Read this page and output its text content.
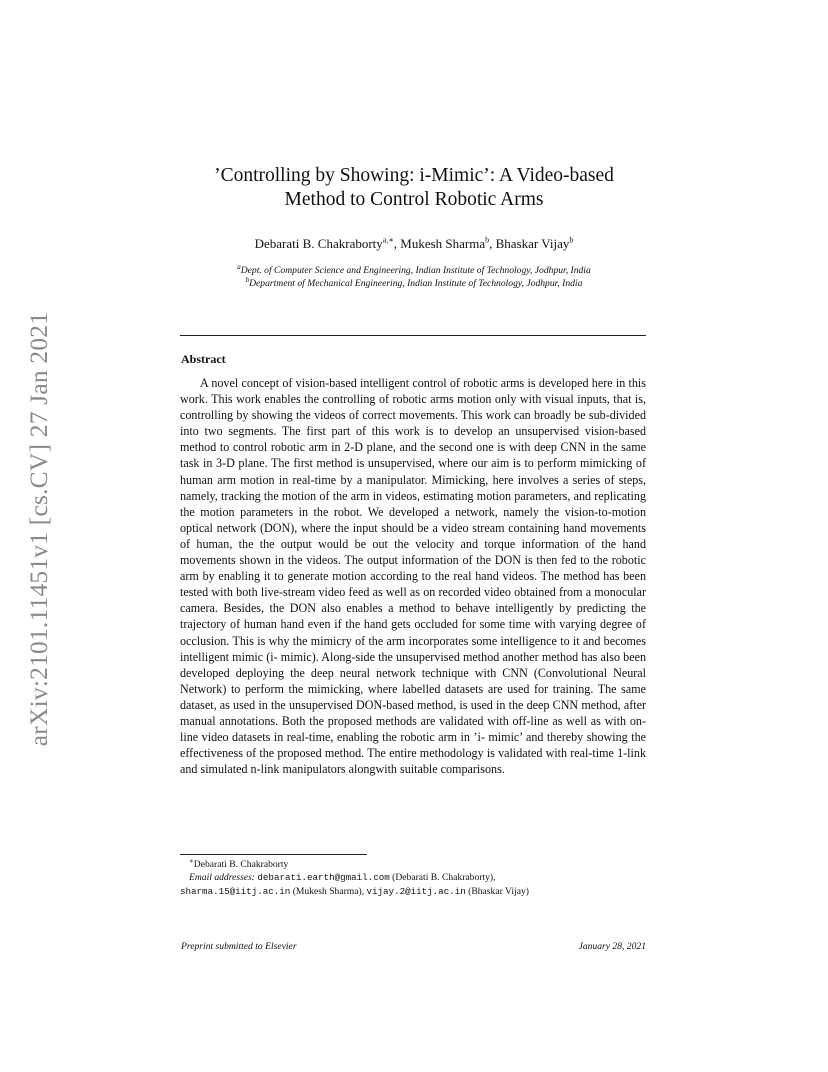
arXiv:2101.11451v1 [cs.CV] 27 Jan 2021
’Controlling by Showing: i-Mimic’: A Video-based
Method to Control Robotic Arms
Debarati B. Chakraborty$^{a,∗}$, Mukesh Sharma$^b$, Bhaskar Vijay$^b$
$^a$Dept. of Computer Science and Engineering, Indian Institute of Technology, Jodhpur, India
$^b$Department of Mechanical Engineering, Indian Institute of Technology, Jodhpur, India
Abstract

A novel concept of vision-based intelligent control of robotic arms is developed here in this work. This work enables the controlling of robotic arms motion only with visual inputs, that is, controlling by showing the videos of correct movements. This work can broadly be sub-divided into two segments. The first part of this work is to develop an unsupervised vision-based method to control robotic arm in 2-D plane, and the second one is with deep CNN in the same task in 3-D plane. The first method is unsupervised, where our aim is to perform mimicking of human arm motion in real-time by a manipulator. Mimicking, here involves a series of steps, namely, tracking the motion of the arm in videos, estimating motion parameters, and replicating the motion parameters in the robot. We developed a network, namely the vision-to-motion optical network (DON), where the input should be a video stream containing hand movements of human, the the output would be out the velocity and torque information of the hand movements shown in the videos. The output information of the DON is then fed to the robotic arm by enabling it to generate motion according to the real hand videos. The method has been tested with both live-stream video feed as well as on recorded video obtained from a monocular camera. Besides, the DON also enables a method to behave intelligently by predicting the trajectory of human hand even if the hand gets occluded for some time with varying degree of occlusion. This is why the mimicry of the arm incorporates some intelligence to it and becomes intelligent mimic (i- mimic). Along-side the unsupervised method another method has also been developed deploying the deep neural network technique with CNN (Convolutional Neural Network) to perform the mimicking, where labelled datasets are used for training. The same dataset, as used in the unsupervised DON-based method, is used in the deep CNN method, after manual annotations. Both the proposed methods are validated with off-line as well as with on-line video datasets in real-time, enabling the robotic arm in ’i- mimic’ and thereby showing the effectiveness of the proposed method. The entire methodology is validated with real-time 1-link and simulated n-link manipulators alongwith suitable comparisons.

∗Debarati B. Chakraborty
Email addresses: debarati.earth@gmail.com (Debarati B. Chakraborty),
sharma.15@iitj.ac.in (Mukesh Sharma), vijay.2@iitj.ac.in (Bhaskar Vijay)
Preprint submitted to Elsevier	January 28, 2021
